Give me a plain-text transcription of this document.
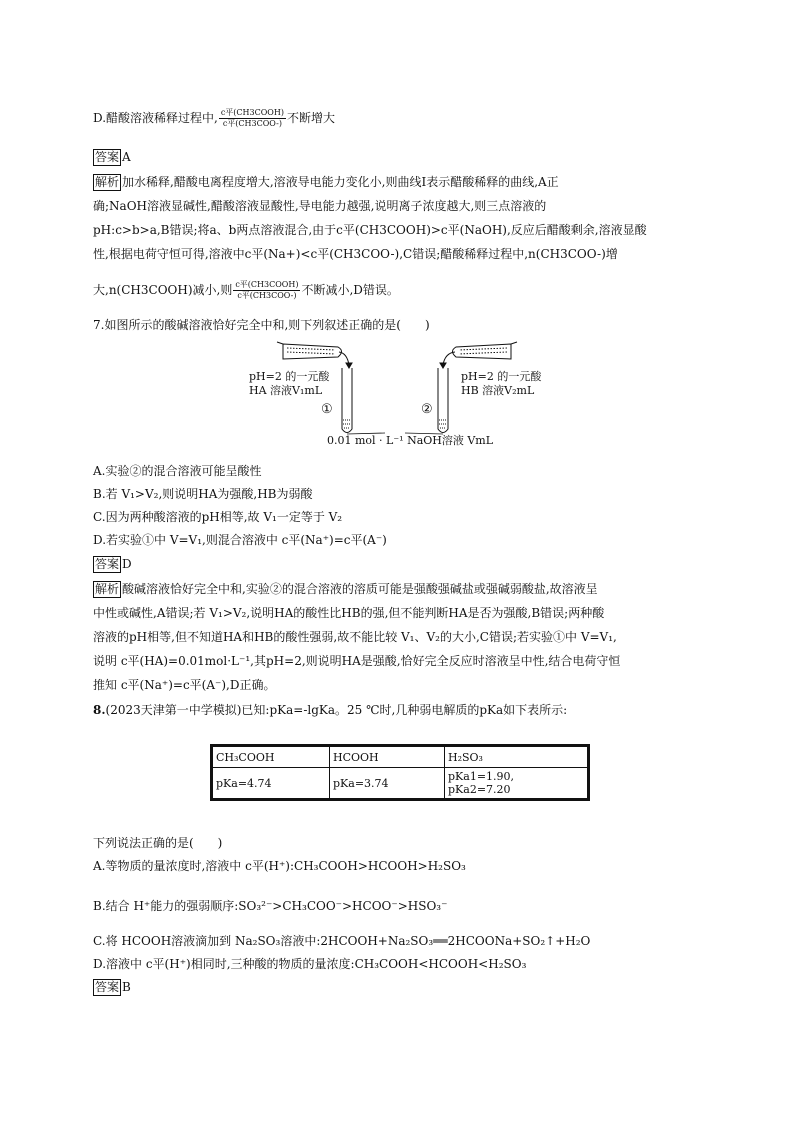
D.醋酸溶液稀释过程中, $\frac{\text{c平(CH3COOH)}}{\text{c平(CH3COO-)}}$ 不断增大
答案 A
解析 加水稀释,醋酸电离程度增大,溶液导电能力变化小,则曲线Ⅰ表示醋酸稀释的曲线,A正
确;NaOH溶液显碱性,醋酸溶液显酸性,导电能力越强,说明离子浓度越大,则三点溶液的
pH:c>b>a,B错误;将a、b两点溶液混合,由于c平(CH3COOH)>c平(NaOH),反应后醋酸剩余,溶液显酸
性,根据电荷守恒可得,溶液中c平(Na+)<c平(CH3COO-),C错误;醋酸稀释过程中,n(CH3COO-)增
大,n(CH3COOH)减小,则 $\frac{\text{c平(CH3COOH)}}{\text{c平(CH3COO-)}}$ 不断减小,D错误。
7.如图所示的酸碱溶液恰好完全中和,则下列叙述正确的是(　　)
pH=2 的一元酸
HA 溶液V₁mL
pH=2 的一元酸
HB 溶液V₂mL
①	②
0.01 mol · L⁻¹ NaOH溶液 VmL
A.实验②的混合溶液可能呈酸性
B.若 V₁>V₂,则说明HA为强酸,HB为弱酸
C.因为两种酸溶液的pH相等,故 V₁一定等于 V₂
D.若实验①中 V=V₁,则混合溶液中 c平(Na⁺)=c平(A⁻)
答案 D
解析 酸碱溶液恰好完全中和,实验②的混合溶液的溶质可能是强酸强碱盐或强碱弱酸盐,故溶液呈
中性或碱性,A错误;若 V₁>V₂,说明HA的酸性比HB的强,但不能判断HA是否为强酸,B错误;两种酸
溶液的pH相等,但不知道HA和HB的酸性强弱,故不能比较 V₁、V₂的大小,C错误;若实验①中 V=V₁,
说明 c平(HA)=0.01mol·L⁻¹,其pH=2,则说明HA是强酸,恰好完全反应时溶液呈中性,结合电荷守恒
推知 c平(Na⁺)=c平(A⁻),D正确。
8.(2023天津第一中学模拟)已知:pKa=-lgKa。25 ℃时,几种弱电解质的pKa如下表所示:
CH₃COOH	HCOOH	H₂SO₃
pKa=4.74	pKa=3.74	pKa1=1.90,
pKa2=7.20
下列说法正确的是(　　)
A.等物质的量浓度时,溶液中 c平(H⁺):CH₃COOH>HCOOH>H₂SO₃
B.结合 H⁺能力的强弱顺序:SO₃²⁻>CH₃COO⁻>HCOO⁻>HSO₃⁻
C.将 HCOOH溶液滴加到 Na₂SO₃溶液中:2HCOOH+Na₂SO₃══2HCOONa+SO₂↑+H₂O
D.溶液中 c平(H⁺)相同时,三种酸的物质的量浓度:CH₃COOH<HCOOH<H₂SO₃
答案 B
